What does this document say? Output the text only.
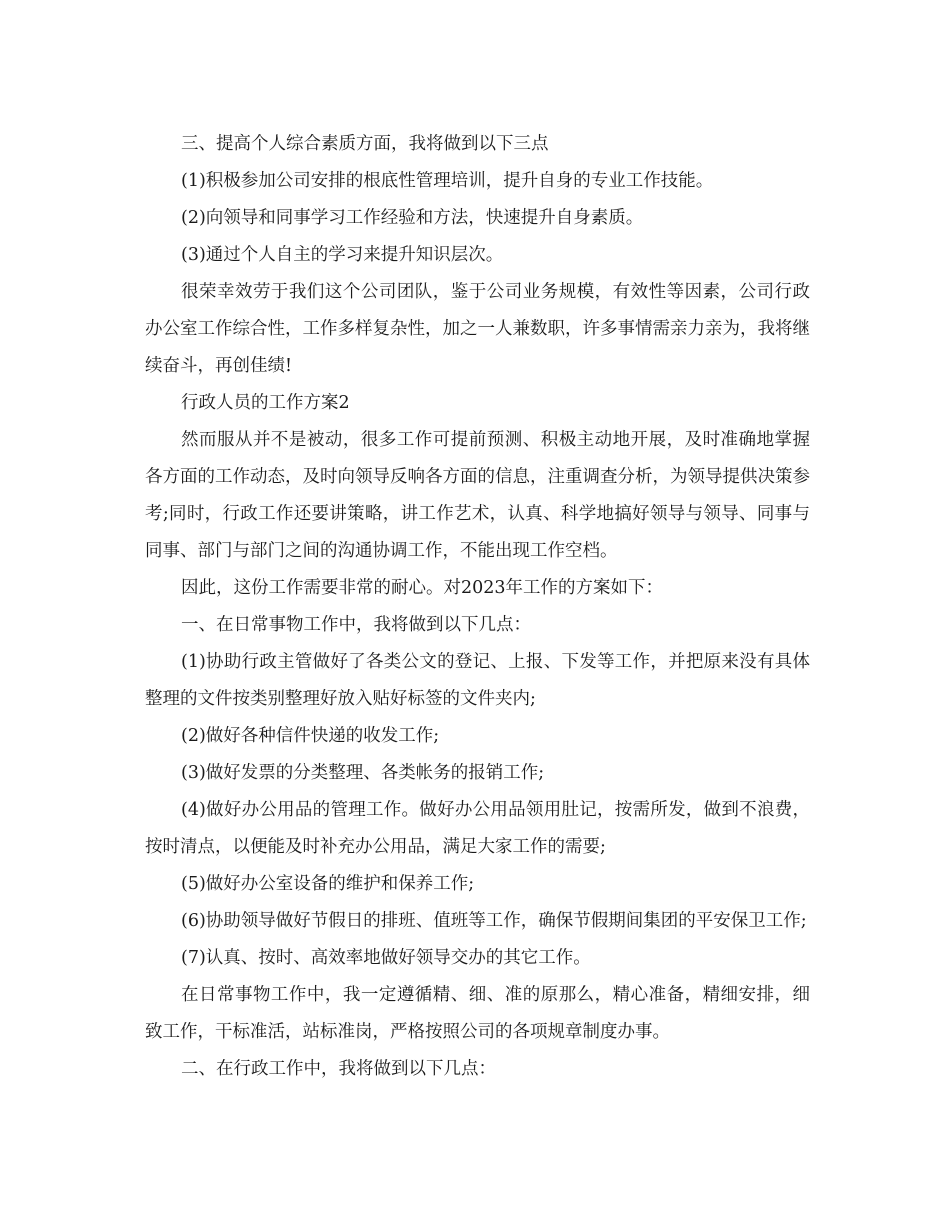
三、提高个人综合素质方面，我将做到以下三点

(1)积极参加公司安排的根底性管理培训，提升自身的专业工作技能。

(2)向领导和同事学习工作经验和方法，快速提升自身素质。

(3)通过个人自主的学习来提升知识层次。

很荣幸效劳于我们这个公司团队，鉴于公司业务规模，有效性等因素，公司行政办公室工作综合性，工作多样复杂性，加之一人兼数职，许多事情需亲力亲为，我将继续奋斗，再创佳绩!

行政人员的工作方案2

然而服从并不是被动，很多工作可提前预测、积极主动地开展，及时准确地掌握各方面的工作动态，及时向领导反响各方面的信息，注重调查分析，为领导提供决策参考;同时，行政工作还要讲策略，讲工作艺术，认真、科学地搞好领导与领导、同事与同事、部门与部门之间的沟通协调工作，不能出现工作空档。

因此，这份工作需要非常的耐心。对2023年工作的方案如下：

一、在日常事物工作中，我将做到以下几点：

(1)协助行政主管做好了各类公文的登记、上报、下发等工作，并把原来没有具体整理的文件按类别整理好放入贴好标签的文件夹内;

(2)做好各种信件快递的收发工作;

(3)做好发票的分类整理、各类帐务的报销工作;

(4)做好办公用品的管理工作。做好办公用品领用肚记，按需所发，做到不浪费，按时清点，以便能及时补充办公用品，满足大家工作的需要;

(5)做好办公室设备的维护和保养工作;

(6)协助领导做好节假日的排班、值班等工作，确保节假期间集团的平安保卫工作;

(7)认真、按时、高效率地做好领导交办的其它工作。

在日常事物工作中，我一定遵循精、细、准的原那么，精心准备，精细安排，细致工作，干标准活，站标准岗，严格按照公司的各项规章制度办事。

二、在行政工作中，我将做到以下几点：
